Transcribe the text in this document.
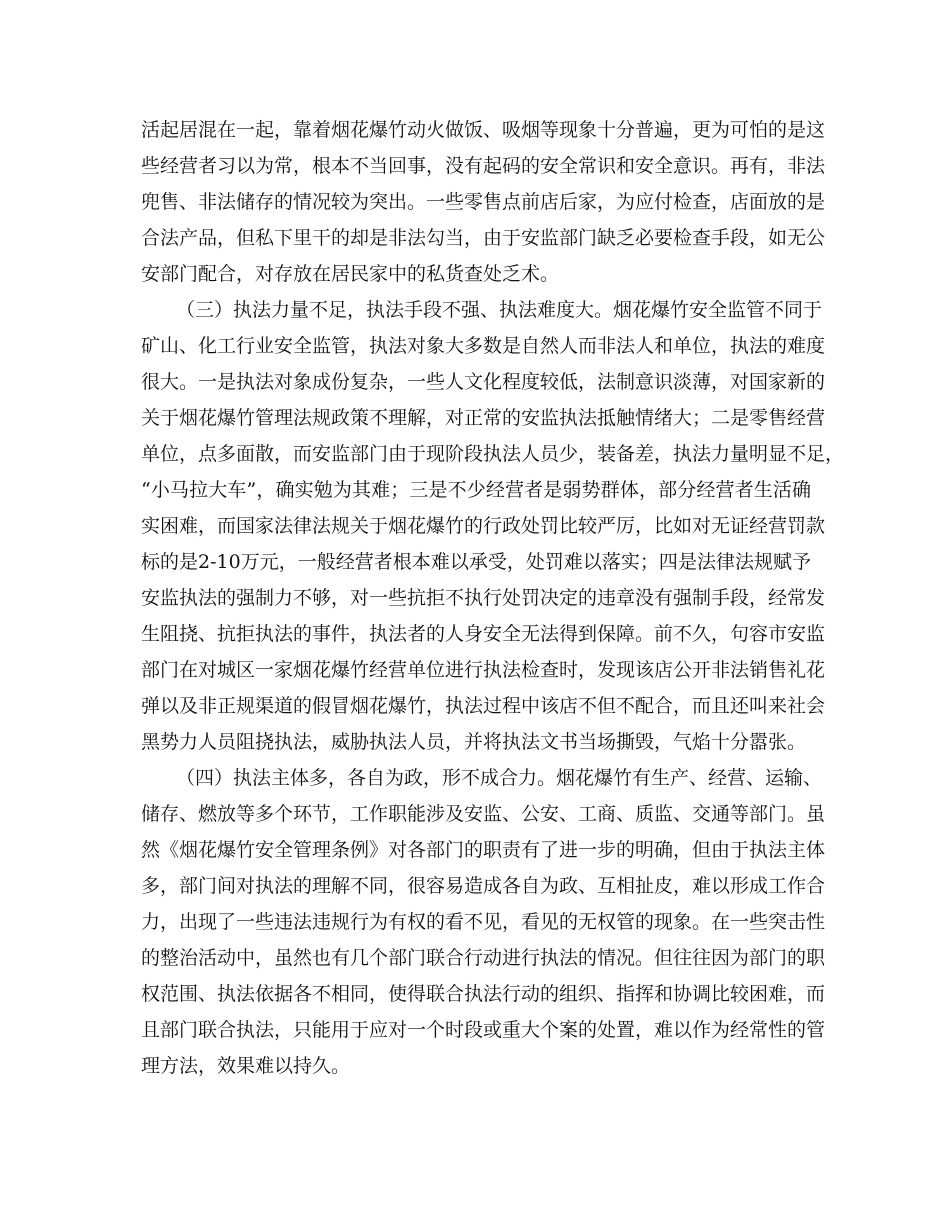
活起居混在一起，靠着烟花爆竹动火做饭、吸烟等现象十分普遍，更为可怕的是这
些经营者习以为常，根本不当回事，没有起码的安全常识和安全意识。再有，非法
兜售、非法储存的情况较为突出。一些零售点前店后家，为应付检查，店面放的是
合法产品，但私下里干的却是非法勾当，由于安监部门缺乏必要检查手段，如无公
安部门配合，对存放在居民家中的私货查处乏术。
（三）执法力量不足，执法手段不强、执法难度大。烟花爆竹安全监管不同于
矿山、化工行业安全监管，执法对象大多数是自然人而非法人和单位，执法的难度
很大。一是执法对象成份复杂，一些人文化程度较低，法制意识淡薄，对国家新的
关于烟花爆竹管理法规政策不理解，对正常的安监执法抵触情绪大；二是零售经营
单位，点多面散，而安监部门由于现阶段执法人员少，装备差，执法力量明显不足，
“小马拉大车”，确实勉为其难；三是不少经营者是弱势群体，部分经营者生活确
实困难，而国家法律法规关于烟花爆竹的行政处罚比较严厉，比如对无证经营罚款
标的是2-10万元，一般经营者根本难以承受，处罚难以落实；四是法律法规赋予
安监执法的强制力不够，对一些抗拒不执行处罚决定的违章没有强制手段，经常发
生阻挠、抗拒执法的事件，执法者的人身安全无法得到保障。前不久，句容市安监
部门在对城区一家烟花爆竹经营单位进行执法检查时，发现该店公开非法销售礼花
弹以及非正规渠道的假冒烟花爆竹，执法过程中该店不但不配合，而且还叫来社会
黑势力人员阻挠执法，威胁执法人员，并将执法文书当场撕毁，气焰十分嚣张。
（四）执法主体多，各自为政，形不成合力。烟花爆竹有生产、经营、运输、
储存、燃放等多个环节，工作职能涉及安监、公安、工商、质监、交通等部门。虽
然《烟花爆竹安全管理条例》对各部门的职责有了进一步的明确，但由于执法主体
多，部门间对执法的理解不同，很容易造成各自为政、互相扯皮，难以形成工作合
力，出现了一些违法违规行为有权的看不见，看见的无权管的现象。在一些突击性
的整治活动中，虽然也有几个部门联合行动进行执法的情况。但往往因为部门的职
权范围、执法依据各不相同，使得联合执法行动的组织、指挥和协调比较困难，而
且部门联合执法，只能用于应对一个时段或重大个案的处置，难以作为经常性的管
理方法，效果难以持久。
